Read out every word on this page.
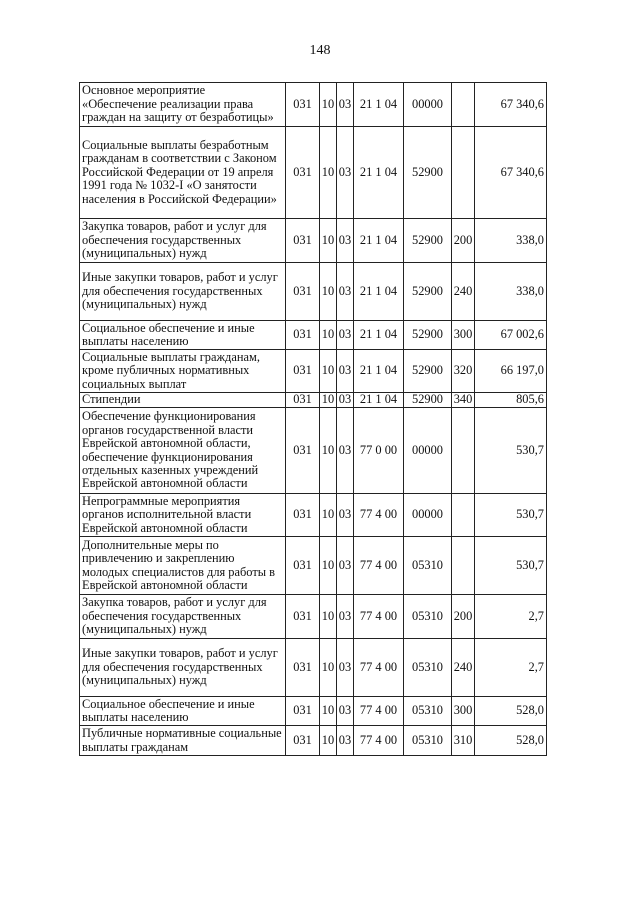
148
Основное мероприятие «Обеспечение реализации права граждан на защиту от безработицы»	031	10	03	21 1 04	00000		67 340,6
Социальные выплаты безработным гражданам в соответствии с Законом Российской Федерации от 19 апреля 1991 года № 1032-I «О занятости населения в Российской Федерации»	031	10	03	21 1 04	52900		67 340,6
Закупка товаров, работ и услуг для обеспечения государственных (муниципальных) нужд	031	10	03	21 1 04	52900	200	338,0
Иные закупки товаров, работ и услуг для обеспечения государственных (муниципальных) нужд	031	10	03	21 1 04	52900	240	338,0
Социальное обеспечение и иные выплаты населению	031	10	03	21 1 04	52900	300	67 002,6
Социальные выплаты гражданам, кроме публичных нормативных социальных выплат	031	10	03	21 1 04	52900	320	66 197,0
Стипендии	031	10	03	21 1 04	52900	340	805,6
Обеспечение функционирования органов государственной власти Еврейской автономной области, обеспечение функционирования отдельных казенных учреждений Еврейской автономной области	031	10	03	77 0 00	00000		530,7
Непрограммные мероприятия органов исполнительной власти Еврейской автономной области	031	10	03	77 4 00	00000		530,7
Дополнительные меры по привлечению и закреплению молодых специалистов для работы в Еврейской автономной области	031	10	03	77 4 00	05310		530,7
Закупка товаров, работ и услуг для обеспечения государственных (муниципальных) нужд	031	10	03	77 4 00	05310	200	2,7
Иные закупки товаров, работ и услуг для обеспечения государственных (муниципальных) нужд	031	10	03	77 4 00	05310	240	2,7
Социальное обеспечение и иные выплаты населению	031	10	03	77 4 00	05310	300	528,0
Публичные нормативные социальные выплаты гражданам	031	10	03	77 4 00	05310	310	528,0
